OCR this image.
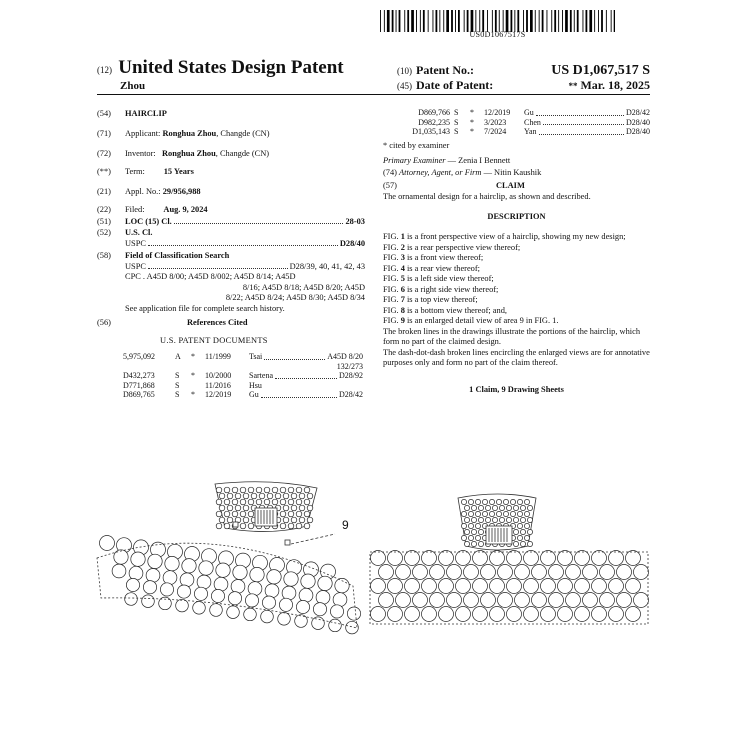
US0D1067517S
(12) United States Design Patent
Zhou
(10) Patent No.:	US D1,067,517 S
(45) Date of Patent:	** Mar. 18, 2025
(54)	HAIRCLIP
(71)	Applicant: Ronghua Zhou, Changde (CN)
(72)	Inventor: Ronghua Zhou, Changde (CN)
(**)	Term: 15 Years
(21)	Appl. No.: 29/956,988
(22)	Filed: Aug. 9, 2024
(51)	LOC (15) Cl.	28-03
(52)	U.S. Cl.
USPC	D28/40
(58)	Field of Classification Search
USPC	D28/39, 40, 41, 42, 43
CPC . A45D 8/00; A45D 8/002; A45D 8/14; A45D
8/16; A45D 8/18; A45D 8/20; A45D
8/22; A45D 8/24; A45D 8/30; A45D 8/34
See application file for complete search history.
(56)	References Cited
U.S. PATENT DOCUMENTS
5,975,092	A	*	11/1999	Tsai	A45D 8/20
132/273
D432,273	S	*	10/2000	Sartena	D28/92
D771,868	S	11/2016	Hsu
D869,765	S	*	12/2019	Gu	D28/42
D869,766 S	*	12/2019	Gu	D28/42
D982,235 S	*	3/2023	Chen	D28/40
D1,035,143 S	*	7/2024	Yan	D28/40
* cited by examiner
Primary Examiner — Zenia I Bennett
(74) Attorney, Agent, or Firm — Nitin Kaushik
(57)	CLAIM
The ornamental design for a hairclip, as shown and described.
DESCRIPTION

FIG. 1 is a front perspective view of a hairclip, showing my new design;

FIG. 2 is a rear perspective view thereof;

FIG. 3 is a front view thereof;

FIG. 4 is a rear view thereof;

FIG. 5 is a left side view thereof;

FIG. 6 is a right side view thereof;

FIG. 7 is a top view thereof;

FIG. 8 is a bottom view thereof; and,

FIG. 9 is an enlarged detail view of area 9 in FIG. 1.

The broken lines in the drawings illustrate the portions of the hairclip, which form no part of the claimed design.

The dash-dot-dash broken lines encircling the enlarged views are for annotative purposes only and form no part of the claim thereof.

1 Claim, 9 Drawing Sheets
9
